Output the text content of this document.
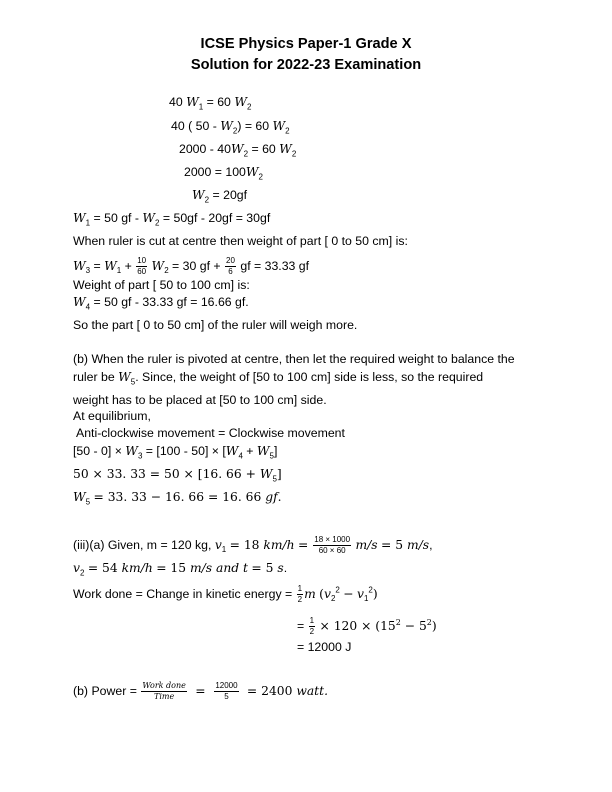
ICSE Physics Paper-1 Grade X
Solution for 2022-23 Examination
40 $W_1 = 60$ $W_2$
40 ( $50 - W_2) = 60$ $W_2$
$2000 - 40W_2 = 60$ $W_2$
$2000 = 100W_2$
$W_2 = 20gf$
$W_1 = 50$ gf - $W_2 = 50gf - 20gf = 30gf$
When ruler is cut at centre then weight of part [ 0 to 50 cm] is:
$W_3 = W_1 + \frac{10}{60} W_2 = 30$ gf + $\frac{20}{6}$ gf = 33.33 gf
Weight of part [ 50 to 100 cm] is:
$W_4 = 50$ gf - 33.33 gf = 16.66 gf.
So the part [ 0 to 50 cm] of the ruler will weigh more.
(b) When the ruler is pivoted at centre, then let the required weight to balance the
ruler be $W_5$. Since, the weight of [50 to 100 cm] side is less, so the required
weight has to be placed at [50 to 100 cm] side.
At equilibrium,
Anti-clockwise movement = Clockwise movement
$[50 - 0] \times W_3 = [100 - 50] \times [W_4 + W_5]$
50 × 33. 33 = 50 × [16. $66 + W_5$]
$W_5 = 33$. 33 − 16. 66 = 16. 66 gf.
(iii)(a) Given, m = 120 kg, $v_1 = 18$ $km/h = \frac{18 \times 1000}{60 \times 60} m/s = 5$ m/s,
$v_2 = 54$ km/h = 15 m/s and t = 5 s.
Work done = Change in kinetic energy = $\frac{1}{2}$ m $(v_2^2 - v_1^2)$
= $\frac{1}{2} \times 120 \times (15^2 - 5^2)$
= 12000 J
(b) Power = $\frac{\text{Work done}}{\text{Time}} = \frac{12000}{5} = 2400$ watt.
